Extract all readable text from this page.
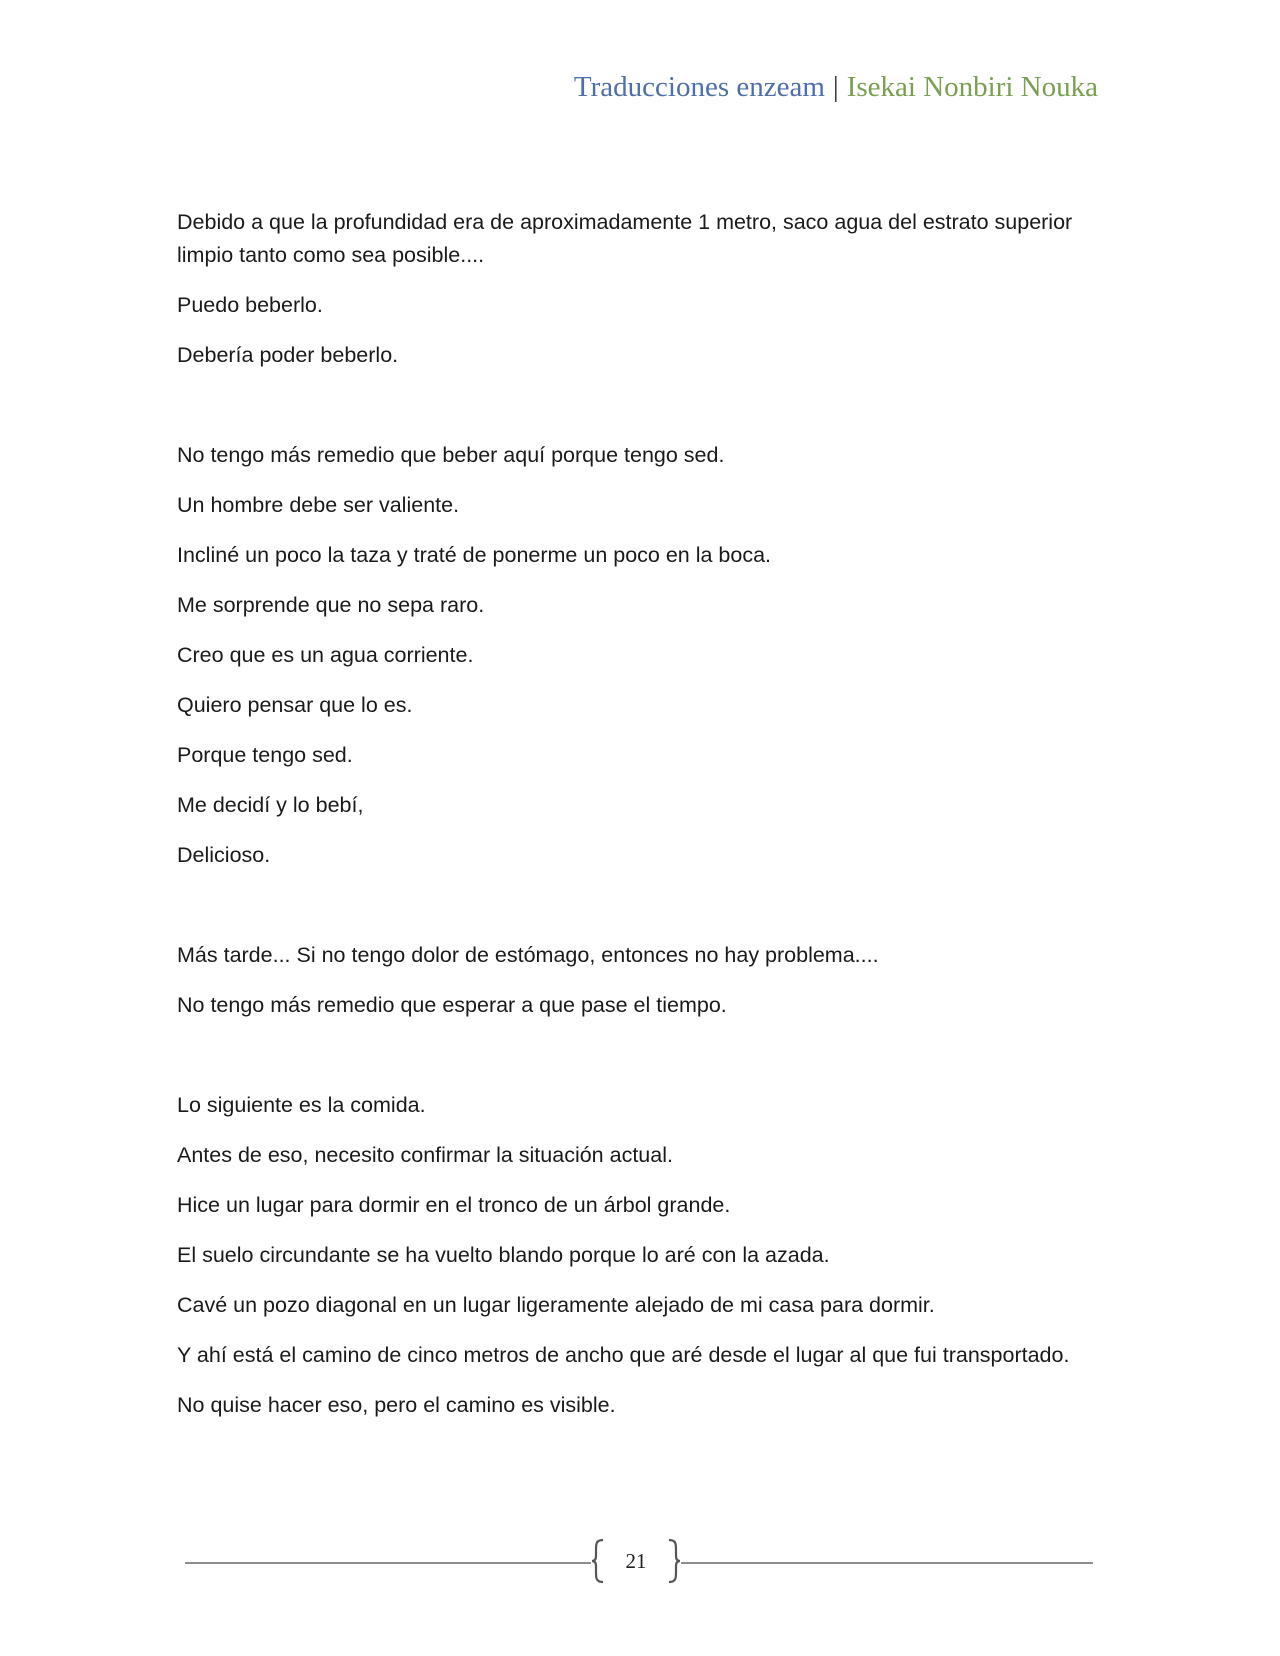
Traducciones enzeam | Isekai Nonbiri Nouka

Debido a que la profundidad era de aproximadamente 1 metro, saco agua del estrato superior limpio tanto como sea posible....

Puedo beberlo.

Debería poder beberlo.

No tengo más remedio que beber aquí porque tengo sed.

Un hombre debe ser valiente.

Incliné un poco la taza y traté de ponerme un poco en la boca.

Me sorprende que no sepa raro.

Creo que es un agua corriente.

Quiero pensar que lo es.

Porque tengo sed.

Me decidí y lo bebí,

Delicioso.

Más tarde... Si no tengo dolor de estómago, entonces no hay problema....

No tengo más remedio que esperar a que pase el tiempo.

Lo siguiente es la comida.

Antes de eso, necesito confirmar la situación actual.

Hice un lugar para dormir en el tronco de un árbol grande.

El suelo circundante se ha vuelto blando porque lo aré con la azada.

Cavé un pozo diagonal en un lugar ligeramente alejado de mi casa para dormir.

Y ahí está el camino de cinco metros de ancho que aré desde el lugar al que fui transportado.

No quise hacer eso, pero el camino es visible.

21
